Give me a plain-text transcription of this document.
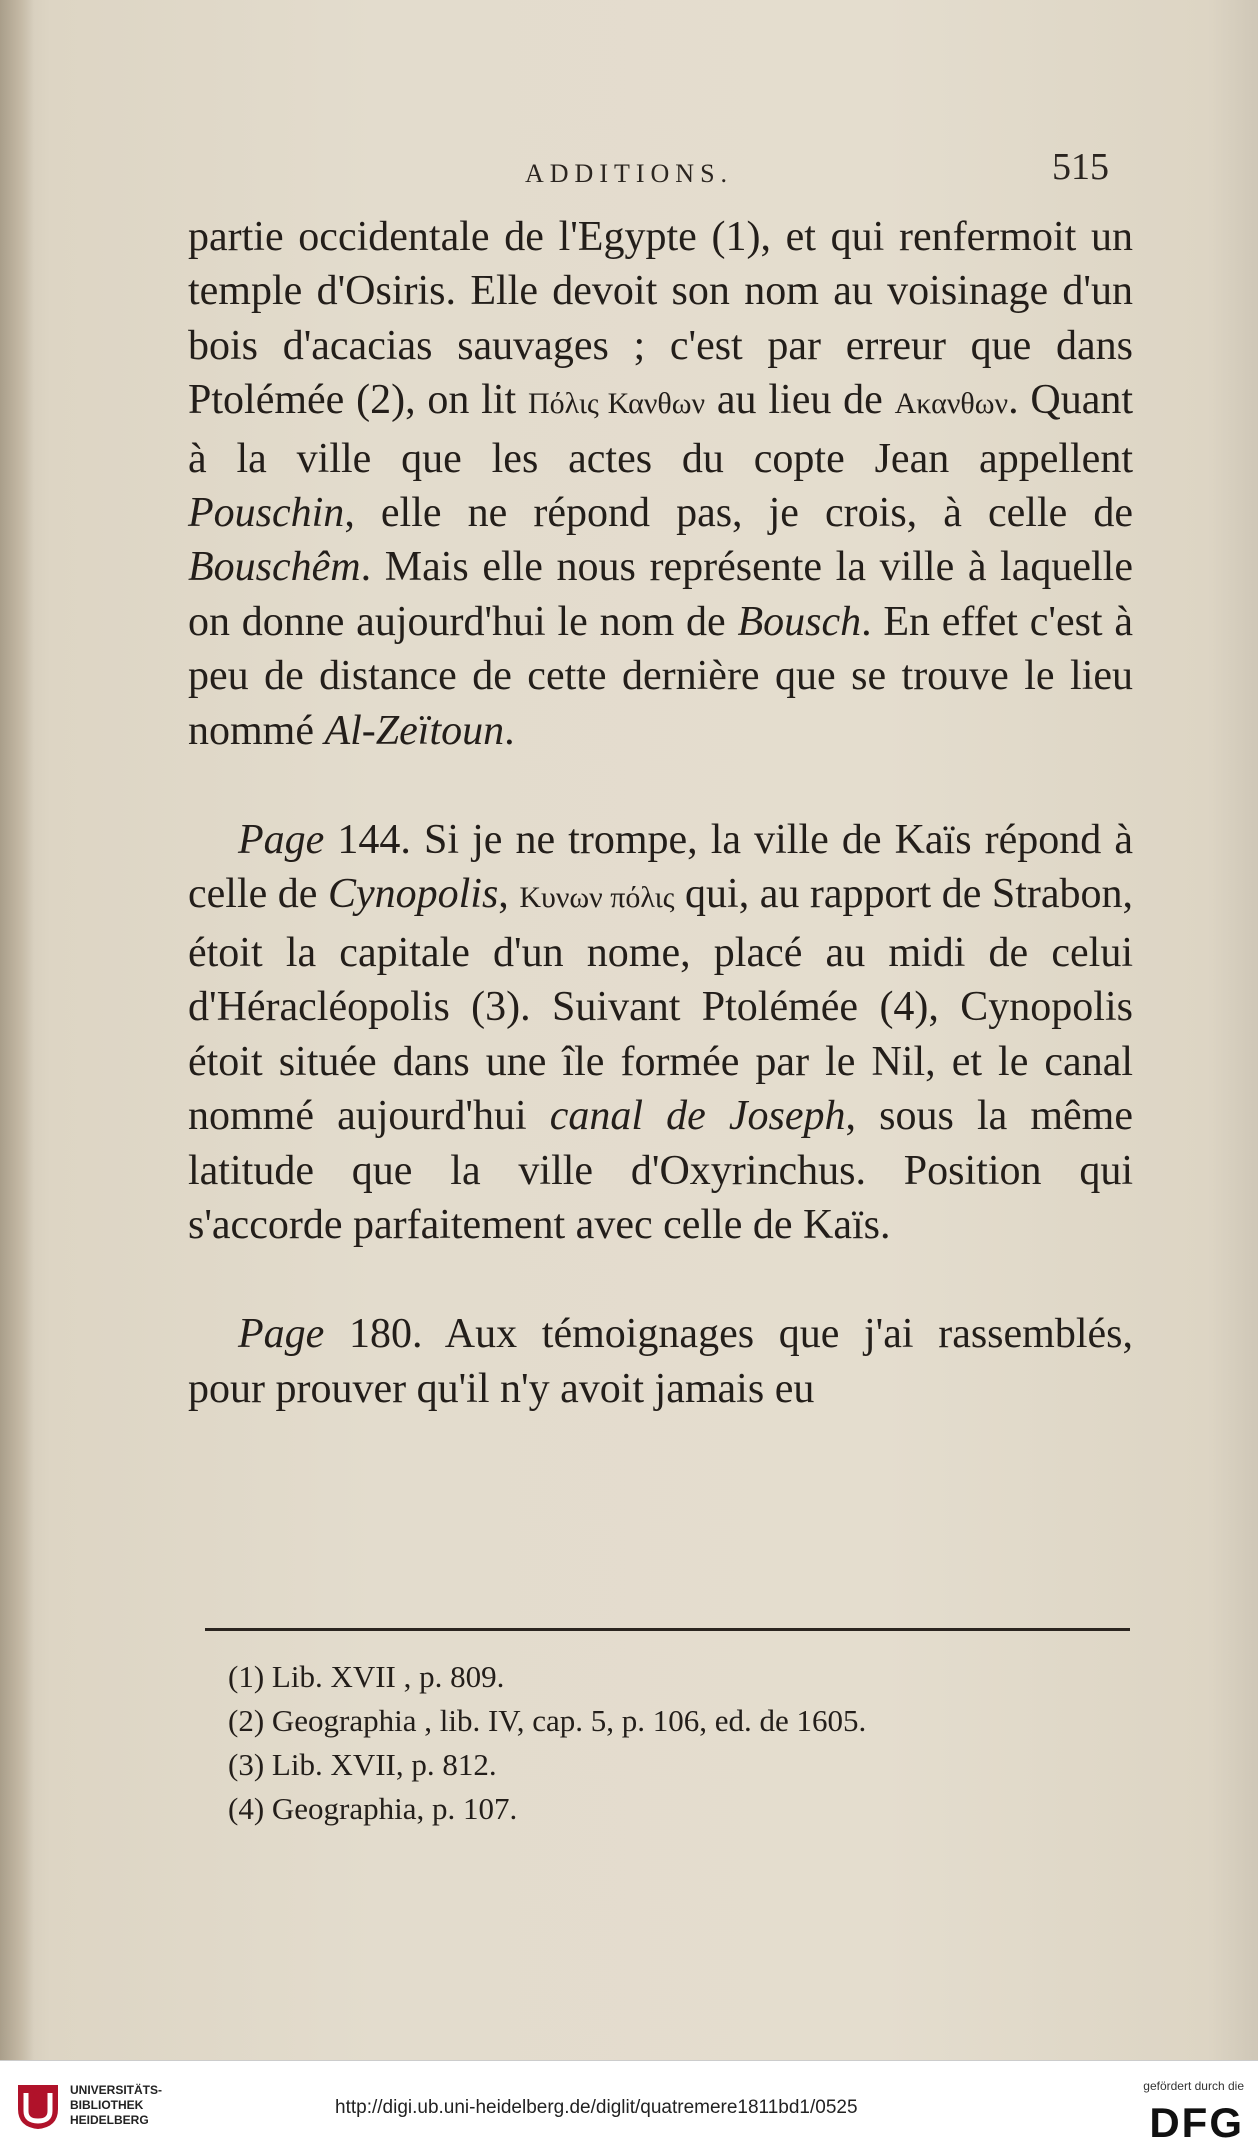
ADDITIONS.	515

partie occidentale de l'Egypte (1), et qui renfermoit un temple d'Osiris. Elle devoit son nom au voisinage d'un bois d'acacias sauvages ; c'est par erreur que dans Ptolémée (2), on lit Πόλις Κανθων au lieu de Ακανθων. Quant à la ville que les actes du copte Jean appellent Pouschin, elle ne répond pas, je crois, à celle de Bouschêm. Mais elle nous représente la ville à laquelle on donne aujourd'hui le nom de Bousch. En effet c'est à peu de distance de cette dernière que se trouve le lieu nommé Al-Zeïtoun.

Page 144. Si je ne trompe, la ville de Kaïs répond à celle de Cynopolis, Κυνων πόλις qui, au rapport de Strabon, étoit la capitale d'un nome, placé au midi de celui d'Héracléopolis (3). Suivant Ptolémée (4), Cynopolis étoit située dans une île formée par le Nil, et le canal nommé aujourd'hui canal de Joseph, sous la même latitude que la ville d'Oxyrinchus. Position qui s'accorde parfaitement avec celle de Kaïs.

Page 180. Aux témoignages que j'ai rassemblés, pour prouver qu'il n'y avoit jamais eu

(1) Lib. XVII , p. 809.
(2) Geographia , lib. IV, cap. 5, p. 106, ed. de 1605.
(3) Lib. XVII, p. 812.
(4) Geographia, p. 107.
UNIVERSITÄTS-
BIBLIOTHEK
HEIDELBERG
http://digi.ub.uni-heidelberg.de/diglit/quatremere1811bd1/0525
gefördert durch die
DFG
